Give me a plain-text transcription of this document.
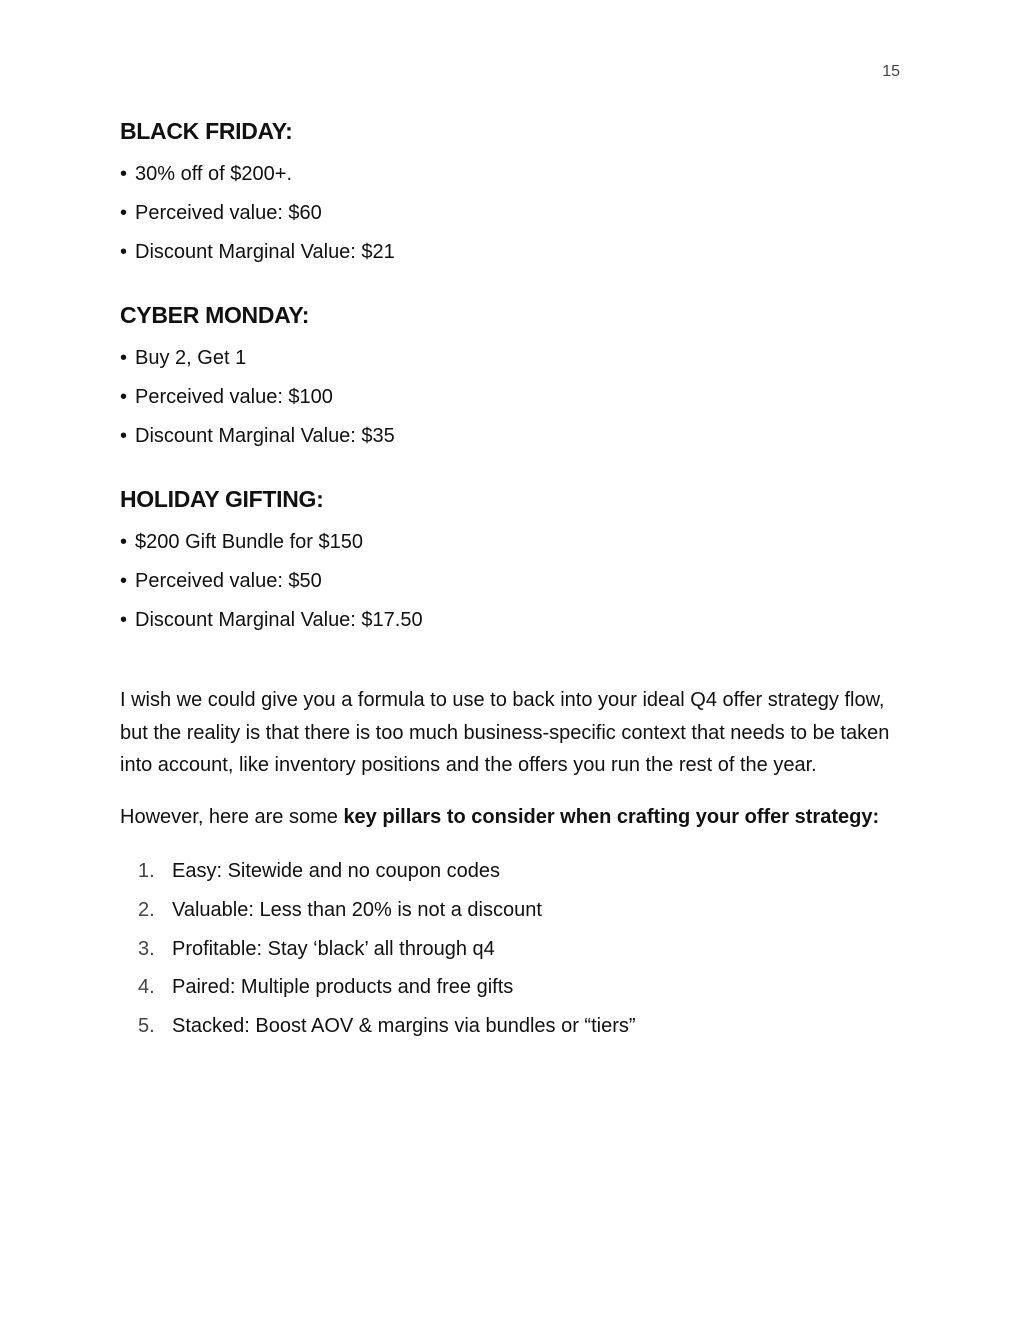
15
BLACK FRIDAY:

• 30% off of $200+.

• Perceived value: $60

• Discount Marginal Value: $21

CYBER MONDAY:

• Buy 2, Get 1

• Perceived value: $100

• Discount Marginal Value: $35

HOLIDAY GIFTING:

• $200 Gift Bundle for $150

• Perceived value: $50

• Discount Marginal Value: $17.50

I wish we could give you a formula to use to back into your ideal Q4 offer strategy flow, but the reality is that there is too much business-specific context that needs to be taken into account, like inventory positions and the offers you run the rest of the year.

However, here are some key pillars to consider when crafting your offer strategy:

1. Easy: Sitewide and no coupon codes
2. Valuable: Less than 20% is not a discount
3. Profitable: Stay ‘black’ all through q4
4. Paired: Multiple products and free gifts
5. Stacked: Boost AOV & margins via bundles or “tiers”
